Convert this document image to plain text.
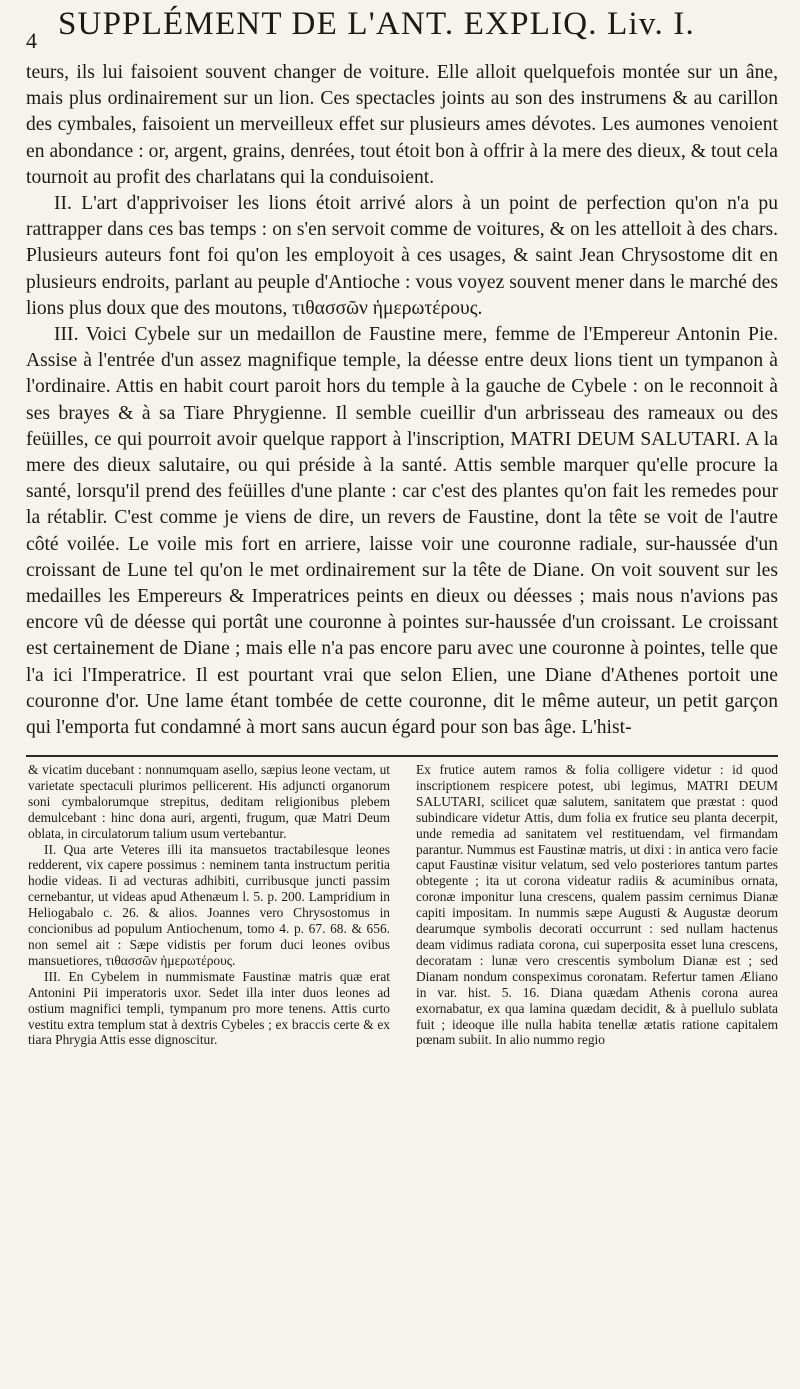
4 SUPPLÉMENT DE L'ANT. EXPLIQ. Liv. I.

teurs, ils lui faisoient souvent changer de voiture. Elle alloit quelquefois montée sur un âne, mais plus ordinairement sur un lion. Ces spectacles joints au son des instrumens & au carillon des cymbales, faisoient un merveilleux effet sur plusieurs ames dévotes. Les aumones venoient en abondance : or, argent, grains, denrées, tout étoit bon à offrir à la mere des dieux, & tout cela tournoit au profit des charlatans qui la conduisoient.

II. L'art d'apprivoiser les lions étoit arrivé alors à un point de perfection qu'on n'a pu rattrapper dans ces bas temps : on s'en servoit comme de voitures, & on les attelloit à des chars. Plusieurs auteurs font foi qu'on les employoit à ces usages, & saint Jean Chrysostome dit en plusieurs endroits, parlant au peuple d'Antioche : vous voyez souvent mener dans le marché des lions plus doux que des moutons, τιθασσῶν ἡμερωτέρους.

III. Voici Cybele sur un medaillon de Faustine mere, femme de l'Empereur Antonin Pie. Assise à l'entrée d'un assez magnifique temple, la déesse entre deux lions tient un tympanon à l'ordinaire. Attis en habit court paroit hors du temple à la gauche de Cybele : on le reconnoit à ses brayes & à sa Tiare Phrygienne. Il semble cueillir d'un arbrisseau des rameaux ou des feüilles, ce qui pourroit avoir quelque rapport à l'inscription, MATRI DEUM SALUTARI. A la mere des dieux salutaire, ou qui préside à la santé. Attis semble marquer qu'elle procure la santé, lorsqu'il prend des feüilles d'une plante : car c'est des plantes qu'on fait les remedes pour la rétablir. C'est comme je viens de dire, un revers de Faustine, dont la tête se voit de l'autre côté voilée. Le voile mis fort en arriere, laisse voir une couronne radiale, sur-haussée d'un croissant de Lune tel qu'on le met ordinairement sur la tête de Diane. On voit souvent sur les medailles les Empereurs & Imperatrices peints en dieux ou déesses ; mais nous n'avions pas encore vû de déesse qui portât une couronne à pointes sur-haussée d'un croissant. Le croissant est certainement de Diane ; mais elle n'a pas encore paru avec une couronne à pointes, telle que l'a ici l'Imperatrice. Il est pourtant vrai que selon Elien, une Diane d'Athenes portoit une couronne d'or. Une lame étant tombée de cette couronne, dit le même auteur, un petit garçon qui l'emporta fut condamné à mort sans aucun égard pour son bas âge. L'hist-

& vicatim ducebant : nonnumquam asello, sæpius leone vectam, ut varietate spectaculi plurimos pellicerent. His adjuncti organorum soni cymbalorumque strepitus, deditam religionibus plebem demulcebant : hinc dona auri, argenti, frugum, quæ Matri Deum oblata, in circulatorum talium usum vertebantur.

II. Qua arte Veteres illi ita mansuetos tractabilesque leones redderent, vix capere possimus : neminem tanta instructum peritia hodie videas. Ii ad vecturas adhibiti, curribusque juncti passim cernebantur, ut videas apud Athenæum l. 5. p. 200. Lampridium in Heliogabalo c. 26. & alios. Joannes vero Chrysostomus in concionibus ad populum Antiochenum, tomo 4. p. 67. 68. & 656. non semel ait : Sæpe vidistis per forum duci leones ovibus mansuetiores, τιθασσῶν ἡμερωτέρους.

III. En Cybelem in nummismate Faustinæ matris quæ erat Antonini Pii imperatoris uxor. Sedet illa inter duos leones ad ostium magnifici templi, tympanum pro more tenens. Attis curto vestitu extra templum stat à dextris Cybeles ; ex braccis certe & ex tiara Phrygia Attis esse dignoscitur.

Ex frutice autem ramos & folia colligere videtur : id quod inscriptionem respicere potest, ubi legimus, MATRI DEUM SALUTARI, scilicet quæ salutem, sanitatem que præstat : quod subindicare videtur Attis, dum folia ex frutice seu planta decerpit, unde remedia ad sanitatem vel restituendam, vel firmandam parantur. Nummus est Faustinæ matris, ut dixi : in antica vero facie caput Faustinæ visitur velatum, sed velo posteriores tantum partes obtegente ; ita ut corona videatur radiis & acuminibus ornata, coronæ imponitur luna crescens, qualem passim cernimus Dianæ capiti impositam. In nummis sæpe Augusti & Augustæ deorum dearumque symbolis decorati occurrunt : sed nullam hactenus deam vidimus radiata corona, cui superposita esset luna crescens, decoratam : lunæ vero crescentis symbolum Dianæ est ; sed Dianam nondum conspeximus coronatam. Refertur tamen Æliano in var. hist. 5. 16. Diana quædam Athenis corona aurea exornabatur, ex qua lamina quædam decidit, & à puellulo sublata fuit ; ideoque ille nulla habita tenellæ ætatis ratione capitalem pœnam subiit. In alio nummo regio
